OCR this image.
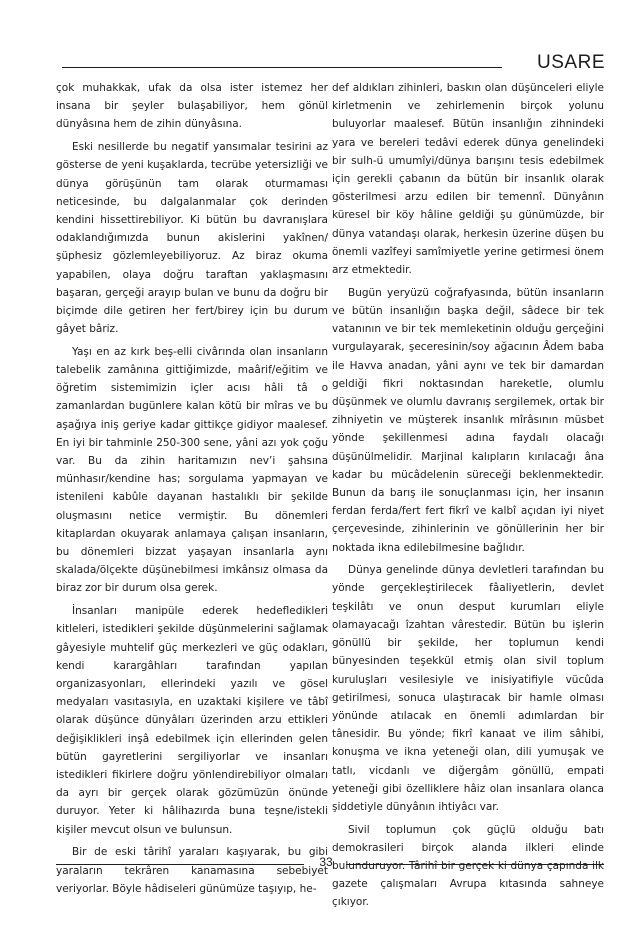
USARE

çok muhakkak, ufak da olsa ister istemez her insana bir şeyler bulaşabiliyor, hem gönül dünyâsına hem de zihin dünyâsına.

Eski nesillerde bu negatif yansımalar tesirini az gösterse de yeni kuşaklarda, tecrübe yetersizliği ve dünya görüşünün tam olarak oturmaması neticesinde, bu dalgalanmalar çok derinden kendini hissettirebiliyor. Ki bütün bu davranışlara odaklandığımızda bunun akislerini yakînen/şüphesiz gözlemleyebiliyoruz. Az biraz okuma yapabilen, olaya doğru taraftan yaklaşmasını başaran, gerçeği arayıp bulan ve bunu da doğru bir biçimde dile getiren her fert/birey için bu durum gâyet bâriz.

Yaşı en az kırk beş-elli civârında olan insanların talebelik zamânına gittiğimizde, maârif/eğitim ve öğretim sistemimizin içler acısı hâli tâ o zamanlardan bugünlere kalan kötü bir mîras ve bu aşağıya iniş geriye kadar gittikçe gidiyor maalesef. En iyi bir tahminle 250-300 sene, yâni azı yok çoğu var. Bu da zihin haritamızın nev’i şahsına münhasır/kendine has; sorgulama yapmayan ve istenileni kabûle dayanan hastalıklı bir şekilde oluşmasını netice vermiştir. Bu dönemleri kitaplardan okuyarak anlamaya çalışan insanların, bu dönemleri bizzat yaşayan insanlarla aynı skalada/ölçekte düşünebilmesi imkânsız olmasa da biraz zor bir durum olsa gerek.

İnsanları manipüle ederek hedefledikleri kitleleri, istedikleri şekilde düşünmelerini sağlamak gâyesiyle muhtelif güç merkezleri ve güç odakları, kendi karargâhları tarafından yapılan organizasyonları, ellerindeki yazılı ve gösel medyaları vasıtasıyla, en uzaktaki kişilere ve tâbî olarak düşünce dünyâları üzerinden arzu ettikleri değişiklikleri inşâ edebilmek için ellerinden gelen bütün gayretlerini sergiliyorlar ve insanları istedikleri fikirlere doğru yönlendirebiliyor olmaları da ayrı bir gerçek olarak gözümüzün önünde duruyor. Yeter ki hâlihazırda buna teşne/istekli kişiler mevcut olsun ve bulunsun.

Bir de eski târihî yaraları kaşıyarak, bu gibi yaraların tekrâren kanamasına sebebiyet veriyorlar. Böyle hâdiseleri günümüze taşıyıp, he-

def aldıkları zihinleri, baskın olan düşünceleri eliyle kirletmenin ve zehirlemenin birçok yolunu buluyorlar maalesef. Bütün insanlığın zihnindeki yara ve bereleri tedâvi ederek dünya genelindeki bir sulh-ü umumîyi/dünya barışını tesis edebilmek için gerekli çabanın da bütün bir insanlık olarak gösterilmesi arzu edilen bir temennî. Dünyânın küresel bir köy hâline geldiği şu günümüzde, bir dünya vatandaşı olarak, herkesin üzerine düşen bu önemli vazîfeyi samîmiyetle yerine getirmesi önem arz etmektedir.

Bugün yeryüzü coğrafyasında, bütün insanların ve bütün insanlığın başka değil, sâdece bir tek vatanının ve bir tek memleketinin olduğu gerçeğini vurgulayarak, şeceresinin/soy ağacının Âdem baba ile Havva anadan, yâni aynı ve tek bir damardan geldiği fikri noktasından hareketle, olumlu düşünmek ve olumlu davranış sergilemek, ortak bir zihniyetin ve müşterek insanlık mîrâsının müsbet yönde şekillenmesi adına faydalı olacağı düşünülmelidir. Marjinal kalıpların kırılacağı âna kadar bu mücâdelenin süreceği beklenmektedir. Bunun da barış ile sonuçlanması için, her insanın ferdan ferda/fert fert fikrî ve kalbî açıdan iyi niyet çerçevesinde, zihinlerinin ve gönüllerinin her bir noktada ikna edilebilmesine bağlıdır.

Dünya genelinde dünya devletleri tarafından bu yönde gerçekleştirilecek fâaliyetlerin, devlet teşkilâtı ve onun desput kurumları eliyle olamayacağı îzahtan vârestedir. Bütün bu işlerin gönüllü bir şekilde, her toplumun kendi bünyesinden teşekkül etmiş olan sivil toplum kuruluşları vesilesiyle ve inisiyatifiyle vücûda getirilmesi, sonuca ulaştıracak bir hamle olması yönünde atılacak en önemli adımlardan bir tânesidir. Bu yönde; fikrî kanaat ve ilim sâhibi, konuşma ve ikna yeteneği olan, dili yumuşak ve tatlı, vicdanlı ve diğergâm gönüllü, empati yeteneği gibi özelliklere hâiz olan insanlara olanca şiddetiyle dünyânın ihtiyâcı var.

Sivil toplumun çok güçlü olduğu batı demokrasileri birçok alanda ilkleri elinde bulunduruyor. Târihî bir gerçek ki dünya çapında ilk gazete çalışmaları Avrupa kıtasında sahneye çıkıyor.

33
